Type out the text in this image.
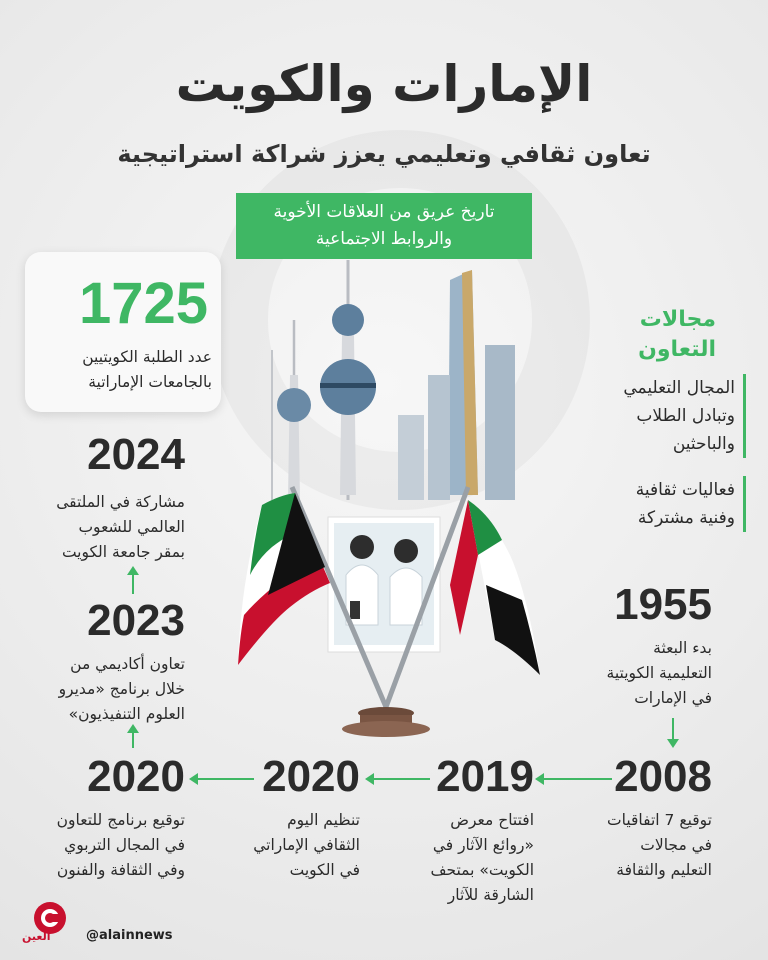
الإمارات والكويت
تعاون ثقافي وتعليمي يعزز شراكة استراتيجية
تاريخ عريق من العلاقات الأخوية
والروابط الاجتماعية
1725
عدد الطلبة الكويتيين
بالجامعات الإماراتية
مجالات
التعاون
المجال التعليمي
وتبادل الطلاب
والباحثين
فعاليات ثقافية
وفنية مشتركة
2024
مشاركة في الملتقى
العالمي للشعوب
بمقر جامعة الكويت
2023
تعاون أكاديمي من
خلال برنامج «مديرو
العلوم التنفيذيون»
1955
بدء البعثة
التعليمية الكويتية
في الإمارات
2008
توقيع 7 اتفاقيات
في مجالات
التعليم والثقافة
2019
افتتاح معرض
«روائع الآثار في
الكويت» بمتحف
الشارقة للآثار
2020
تنظيم اليوم
الثقافي الإماراتي
في الكويت
2020
توقيع برنامج للتعاون
في المجال التربوي
وفي الثقافة والفنون
العين	@alainnews
